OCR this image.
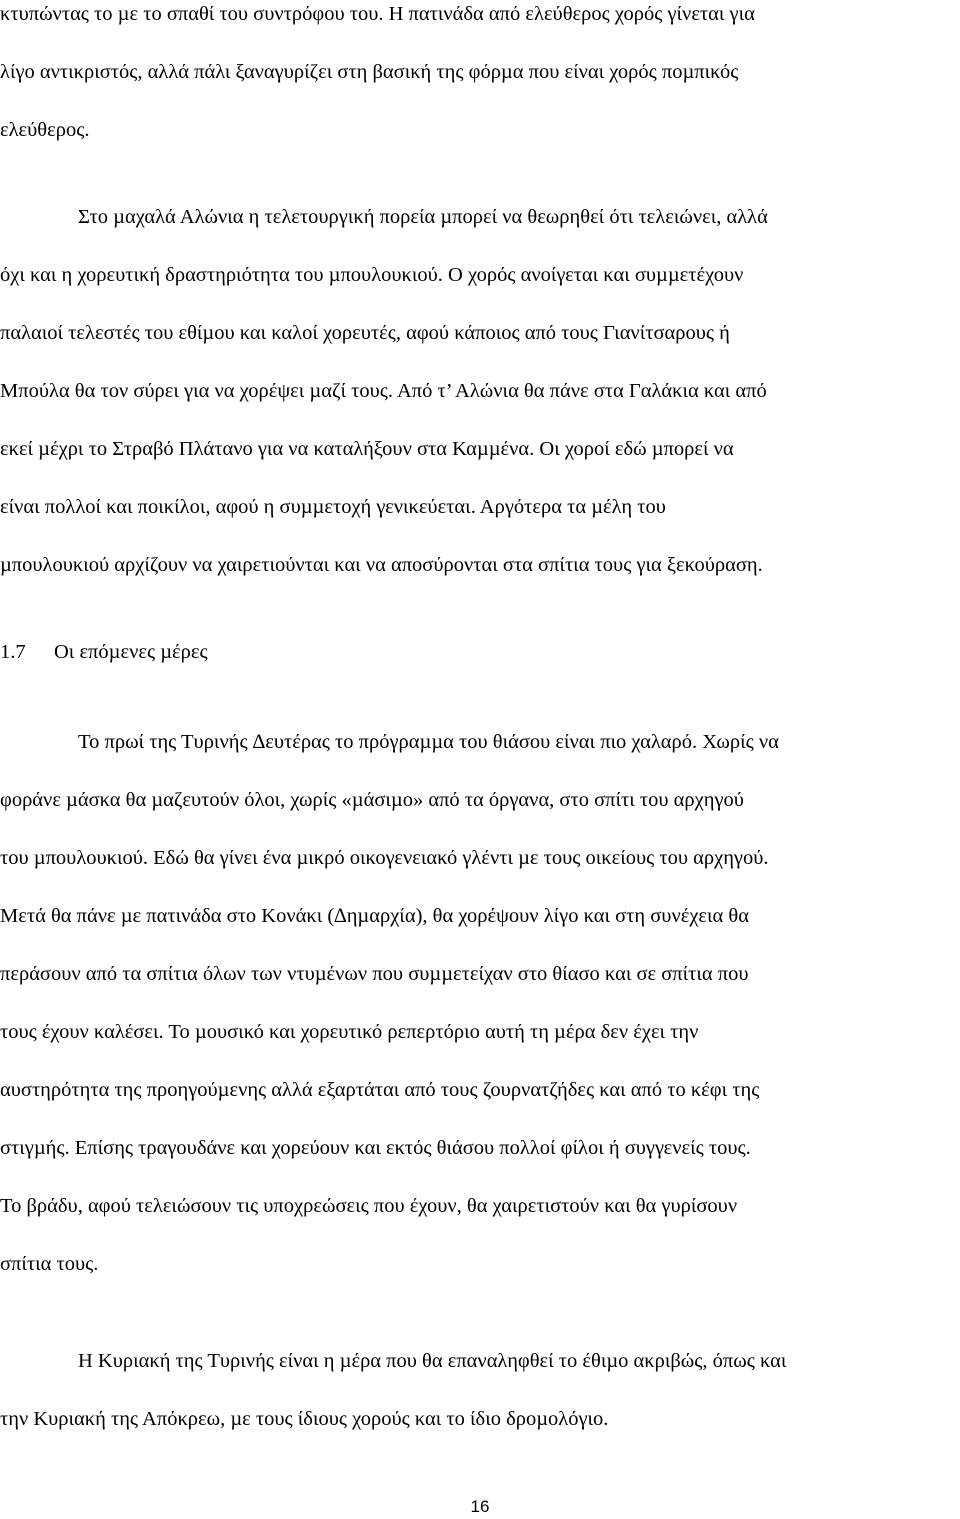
κτυπώντας το µε το σπαθί του συντρόφου του. Η πατινάδα από ελεύθερος χορός γίνεται για
λίγο αντικριστός, αλλά πάλι ξαναγυρίζει στη βασική της φόρµα που είναι χορός ποµπικός
ελεύθερος.
Στο µαχαλά Αλώνια η τελετουργική πορεία µπορεί να θεωρηθεί ότι τελειώνει, αλλά
όχι και η χορευτική δραστηριότητα του µπουλουκιού. Ο χορός ανοίγεται και συµµετέχουν
παλαιοί τελεστές του εθίµου και καλοί χορευτές, αφού κάποιος από τους Γιανίτσαρους ή
Μπούλα θα τον σύρει για να χορέψει µαζί τους. Από τ’ Αλώνια θα πάνε στα Γαλάκια και από
εκεί µέχρι το Στραβό Πλάτανο για να καταλήξουν στα Καµµένα. Οι χοροί εδώ µπορεί να
είναι πολλοί και ποικίλοι, αφού η συµµετοχή γενικεύεται. Αργότερα τα µέλη του
µπουλουκιού αρχίζουν να χαιρετιούνται και να αποσύρονται στα σπίτια τους για ξεκούραση.
1.7 Οι επόµενες µέρες
Το πρωί της Τυρινής ∆ευτέρας το πρόγραµµα του θιάσου είναι πιο χαλαρό. Χωρίς να
φοράνε µάσκα θα µαζευτούν όλοι, χωρίς «µάσιµο» από τα όργανα, στο σπίτι του αρχηγού
του µπουλουκιού. Εδώ θα γίνει ένα µικρό οικογενειακό γλέντι µε τους οικείους του αρχηγού.
Μετά θα πάνε µε πατινάδα στο Κονάκι (∆ηµαρχία), θα χορέψουν λίγο και στη συνέχεια θα
περάσουν από τα σπίτια όλων των ντυµένων που συµµετείχαν στο θίασο και σε σπίτια που
τους έχουν καλέσει. Το µουσικό και χορευτικό ρεπερτόριο αυτή τη µέρα δεν έχει την
αυστηρότητα της προηγούµενης αλλά εξαρτάται από τους ζουρνατζήδες και από το κέφι της
στιγµής. Επίσης τραγουδάνε και χορεύουν και εκτός θιάσου πολλοί φίλοι ή συγγενείς τους.
Το βράδυ, αφού τελειώσουν τις υποχρεώσεις που έχουν, θα χαιρετιστούν και θα γυρίσουν
σπίτια τους.
Η Κυριακή της Τυρινής είναι η µέρα που θα επαναληφθεί το έθιµο ακριβώς, όπως και
την Κυριακή της Απόκρεω, µε τους ίδιους χορούς και το ίδιο δροµολόγιο.
16
